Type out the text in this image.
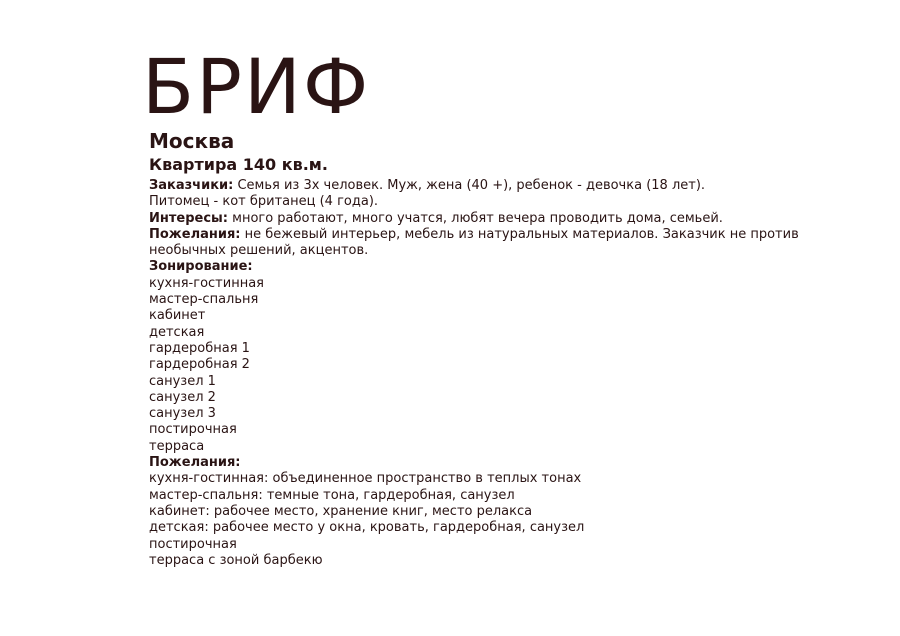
БРИФ
Москва
Квартира 140 кв.м.

Заказчики: Семья из 3х человек. Муж, жена (40 +), ребенок - девочка (18 лет).

Питомец - кот британец (4 года).

Интересы: много работают, много учатся, любят вечера проводить дома, семьей.

Пожелания: не бежевый интерьер, мебель из натуральных материалов. Заказчик не против

необычных решений, акцентов.

Зонирование:

кухня-гостинная
мастер-спальня
кабинет
детская
гардеробная 1
гардеробная 2
санузел 1
санузел 2
санузел 3
постирочная
терраса

Пожелания:

кухня-гостинная: объединенное пространство в теплых тонах
мастер-спальня: темные тона, гардеробная, санузел
кабинет: рабочее место, хранение книг, место релакса
детская: рабочее место у окна, кровать, гардеробная, санузел
постирочная
терраса с зоной барбекю
